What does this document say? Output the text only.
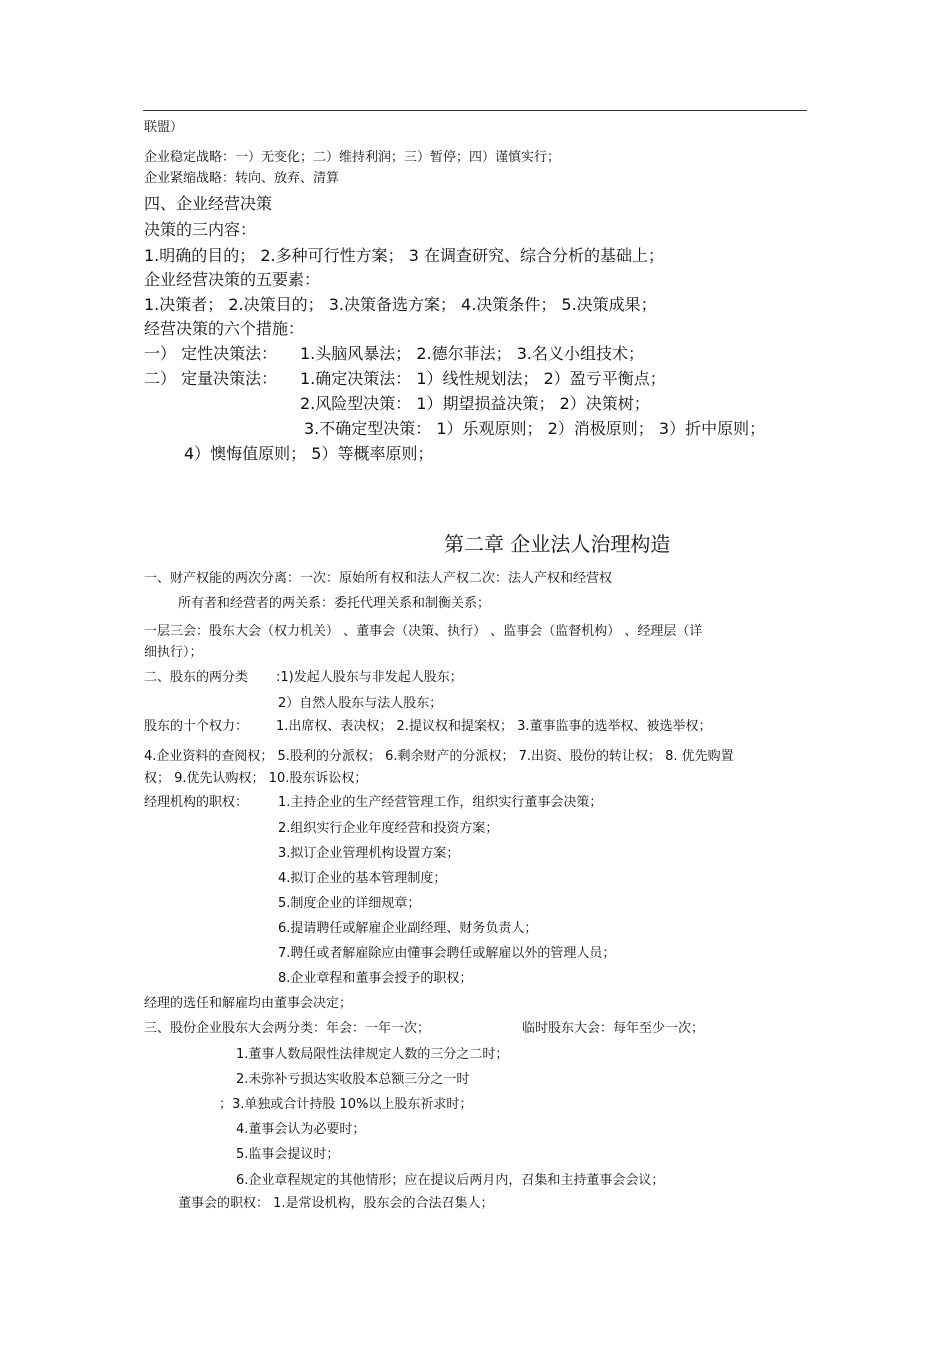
联盟）
企业稳定战略：一）无变化；二）维持利润；三）暂停；四）谨慎实行；
企业紧缩战略：转向、放弃、清算
四、企业经营决策
决策的三内容：
1.明确的目的； 2.多种可行性方案； 3 在调查研究、综合分析的基础上；
企业经营决策的五要素：
1.决策者； 2.决策目的； 3.决策备选方案； 4.决策条件； 5.决策成果；
经营决策的六个措施：
一） 定性决策法： 1.头脑风暴法； 2.德尔菲法； 3.名义小组技术；
二） 定量决策法： 1.确定决策法： 1）线性规划法； 2）盈亏平衡点；
2.风险型决策： 1）期望损益决策； 2）决策树；
3.不确定型决策： 1）乐观原则； 2）消极原则； 3）折中原则；
4）懊悔值原则； 5）等概率原则；
第二章 企业法人治理构造
一、财产权能的两次分离：一次：原始所有权和法人产权二次：法人产权和经营权
所有者和经营者的两关系：委托代理关系和制衡关系；
一层三会：股东大会（权力机关） 、董事会（决策、执行） 、监事会（监督机构） 、经理层（详
细执行）；
二、股东的两分类 :1)发起人股东与非发起人股东；
2）自然人股东与法人股东；
股东的十个权力： 1.出席权、表决权； 2.提议权和提案权； 3.董事监事的选举权、被选举权；
4.企业资料的查阅权； 5.股利的分派权； 6.剩余财产的分派权； 7.出资、股份的转让权； 8. 优先购置
权； 9.优先认购权； 10.股东诉讼权；
经理机构的职权： 1.主持企业的生产经营管理工作，组织实行董事会决策；
2.组织实行企业年度经营和投资方案；
3.拟订企业管理机构设置方案；
4.拟订企业的基本管理制度；
5.制度企业的详细规章；
6.提请聘任或解雇企业副经理、财务负责人；
7.聘任或者解雇除应由懂事会聘任或解雇以外的管理人员；
8.企业章程和董事会授予的职权；
经理的选任和解雇均由董事会决定；
三、股份企业股东大会两分类：年会：一年一次；	临时股东大会：每年至少一次；
1.董事人数局限性法律规定人数的三分之二时；
2.未弥补亏损达实收股本总额三分之一时
；3.单独或合计持股 10%以上股东祈求时；
4.董事会认为必要时；
5.监事会提议时；
6.企业章程规定的其他情形；应在提议后两月内，召集和主持董事会会议；
董事会的职权： 1.是常设机构，股东会的合法召集人；
